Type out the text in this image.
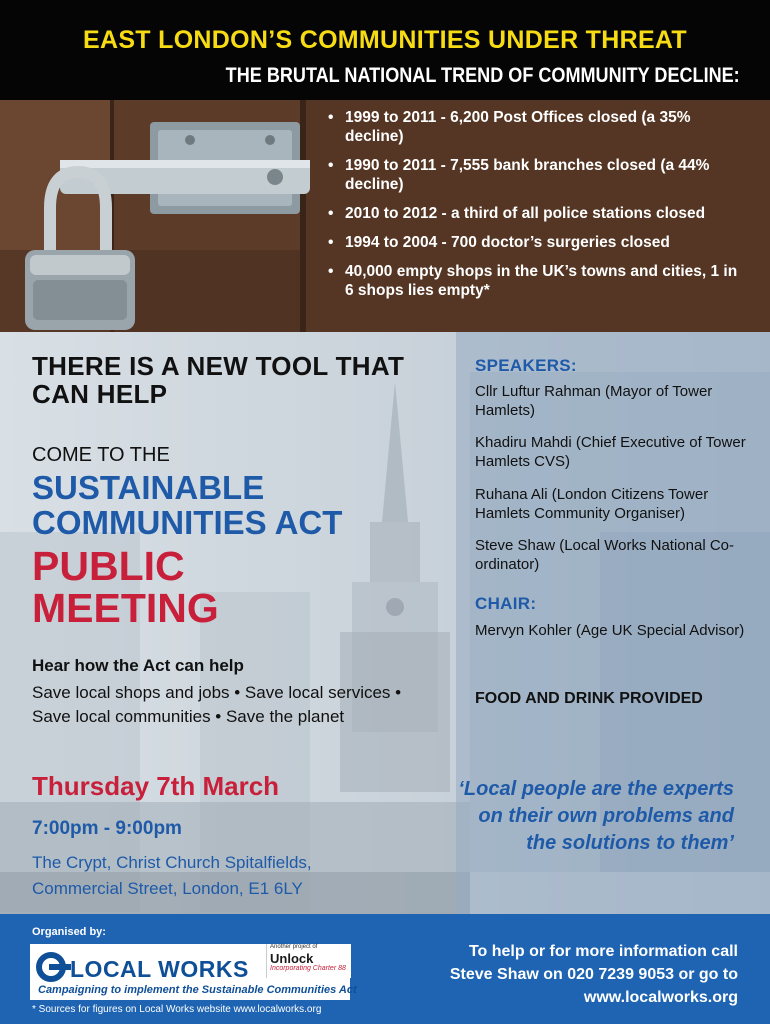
EAST LONDON’S COMMUNITIES UNDER THREAT
THE BRUTAL NATIONAL TREND OF COMMUNITY DECLINE:
• 1999 to 2011 - 6,200 Post Offices closed (a 35% decline)
• 1990 to 2011 - 7,555 bank branches closed (a 44% decline)
• 2010 to 2012 - a third of all police stations closed
• 1994 to 2004 - 700 doctor’s surgeries closed
• 40,000 empty shops in the UK’s towns and cities, 1 in 6 shops lies empty*
THERE IS A NEW TOOL THAT CAN HELP

COME TO THE

SUSTAINABLE COMMUNITIES ACT
PUBLIC MEETING

Hear how the Act can help

Save local shops and jobs • Save local services • Save local communities • Save the planet

Thursday 7th March

7:00pm - 9:00pm

The Crypt, Christ Church Spitalfields, Commercial Street, London, E1 6LY

SPEAKERS:

Cllr Luftur Rahman (Mayor of Tower Hamlets)

Khadiru Mahdi (Chief Executive of Tower Hamlets CVS)

Ruhana Ali (London Citizens Tower Hamlets Community Organiser)

Steve Shaw (Local Works National Co-ordinator)

CHAIR:

Mervyn Kohler (Age UK Special Advisor)

FOOD AND DRINK PROVIDED

‘Local people are the experts on their own problems and the solutions to them’

Organised by:

LOCAL WORKS

Campaigning to implement the Sustainable Communities Act

Another project of

Unlock

Incorporating Charter 88

* Sources for figures on Local Works website www.localworks.org

To help or for more information call
Steve Shaw on 020 7239 9053 or go to
www.localworks.org
